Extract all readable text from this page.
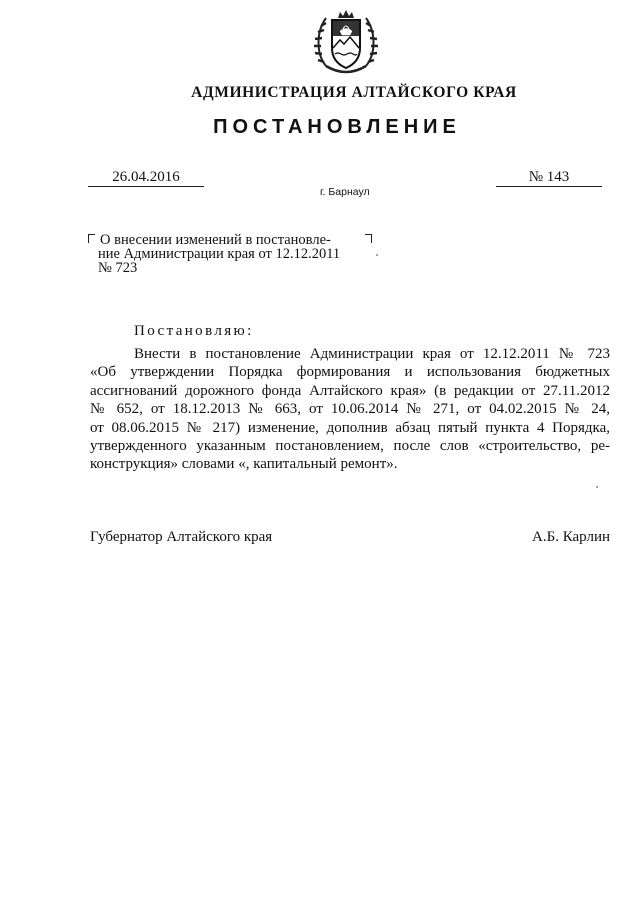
АДМИНИСТРАЦИЯ АЛТАЙСКОГО КРАЯ
ПОСТАНОВЛЕНИЕ
26.04.2016	№ 143
г. Барнаул
О внесении изменений в постановле-
ние Администрации края от 12.12.2011
№ 723
Постановляю:
Внести в постановление Администрации края от 12.12.2011 № 723
«Об утверждении Порядка формирования и использования бюджетных
ассигнований дорожного фонда Алтайского края» (в редакции от 27.11.2012
№ 652, от 18.12.2013 № 663, от 10.06.2014 № 271, от 04.02.2015 № 24,
от 08.06.2015 № 217) изменение, дополнив абзац пятый пункта 4 Порядка,
утвержденного указанным постановлением, после слов «строительство, ре-
конструкция» словами «, капитальный ремонт».
Губернатор Алтайского края	А.Б. Карлин
